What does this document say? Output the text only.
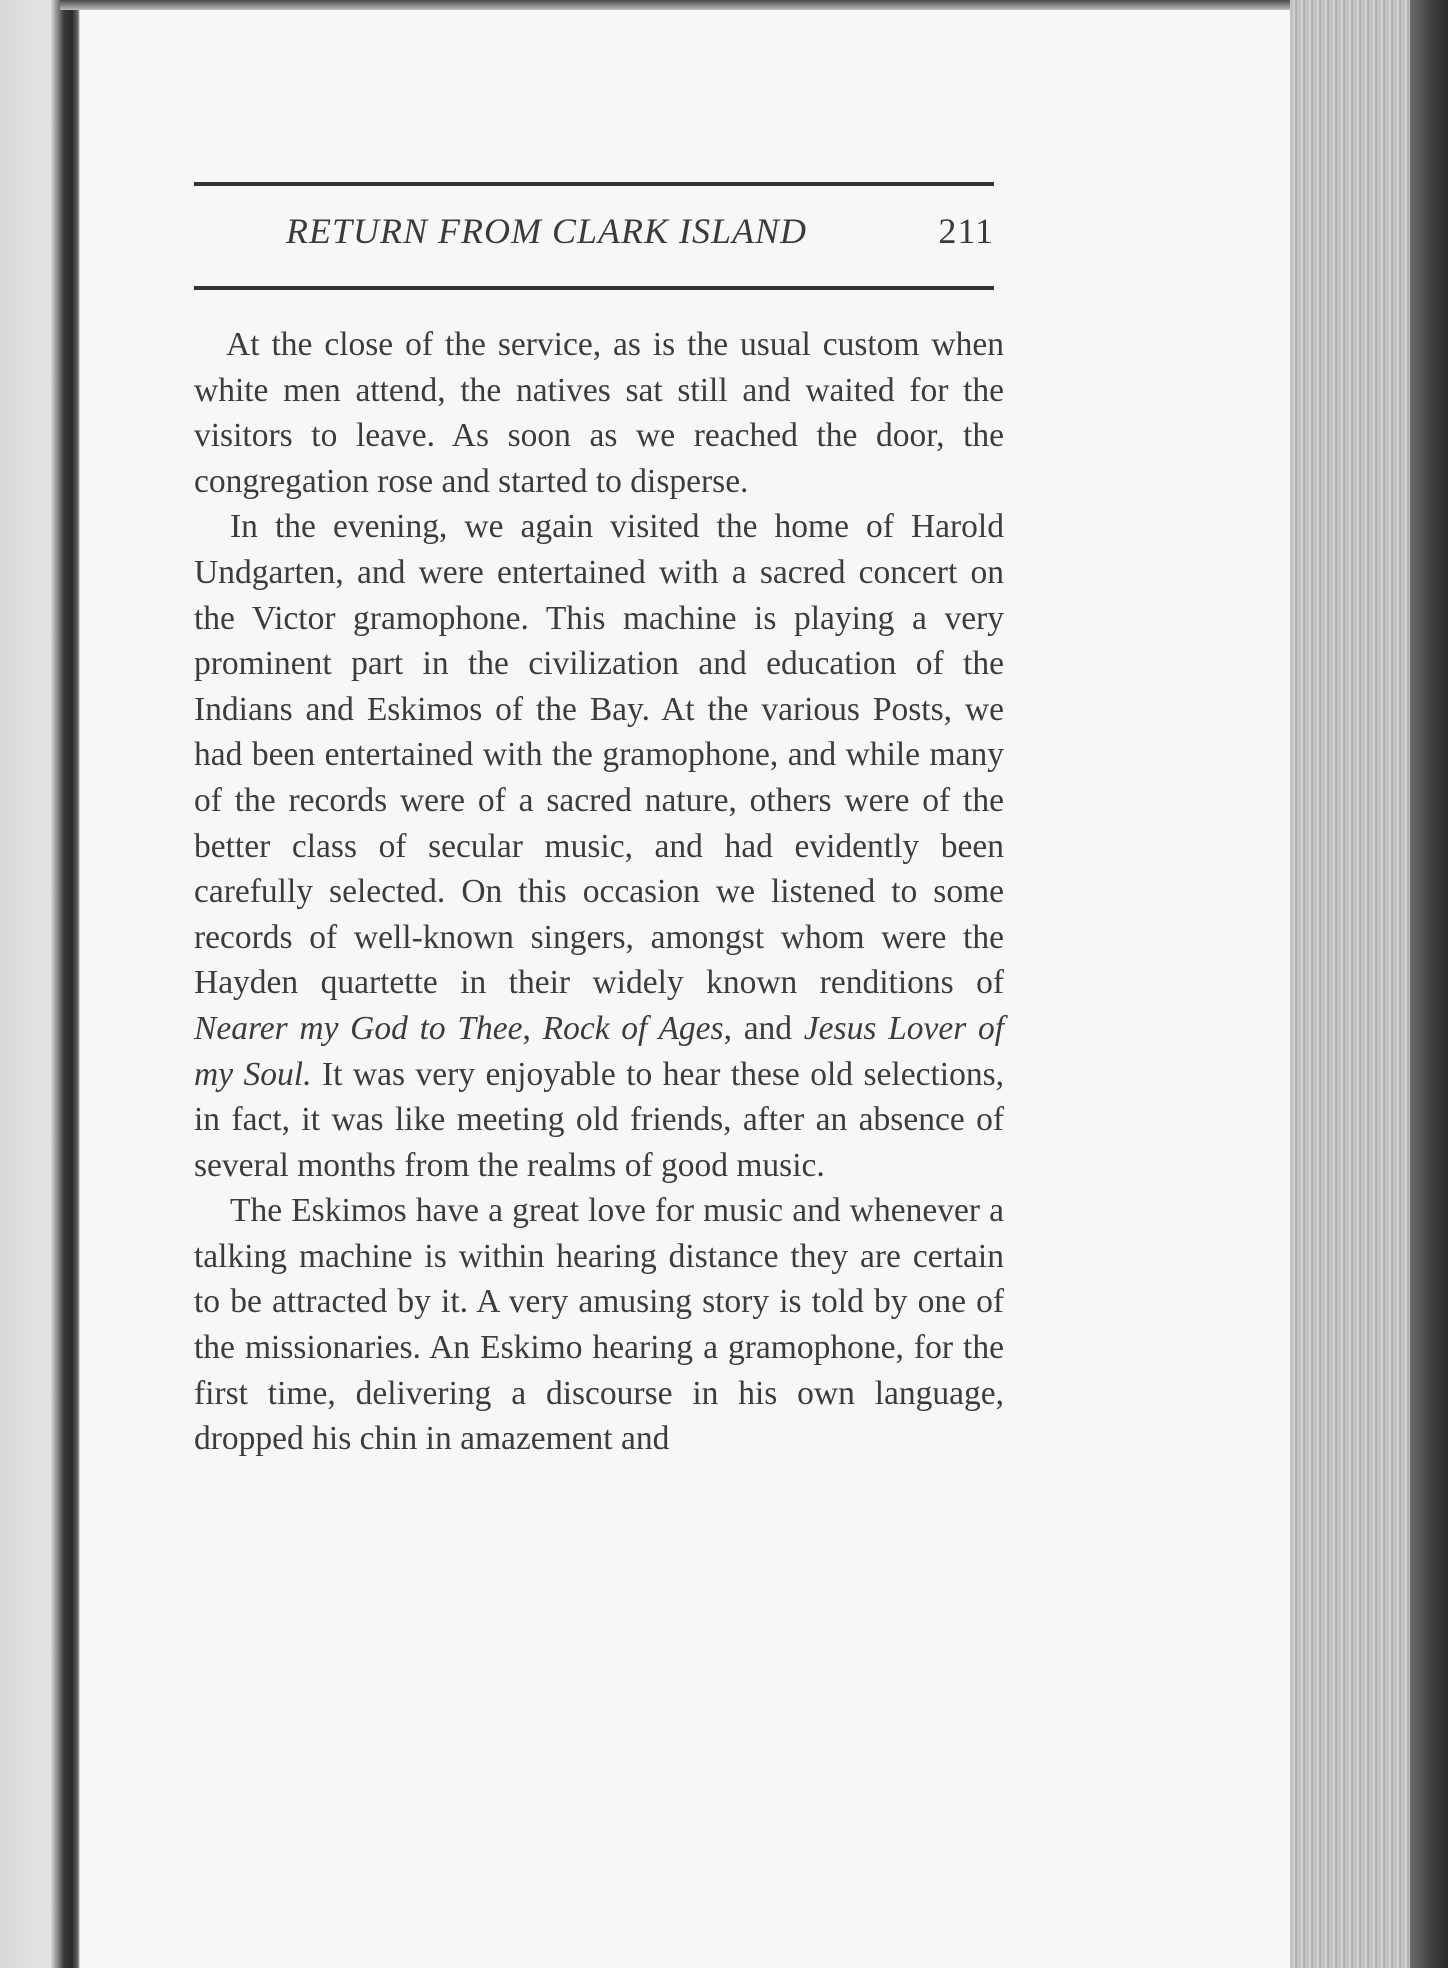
RETURN FROM CLARK ISLAND	211

At the close of the service, as is the usual custom when white men attend, the natives sat still and waited for the visitors to leave. As soon as we reached the door, the congregation rose and started to disperse.

In the evening, we again visited the home of Harold Undgarten, and were entertained with a sacred concert on the Victor gramophone. This machine is playing a very prominent part in the civilization and education of the Indians and Eskimos of the Bay. At the various Posts, we had been entertained with the gramophone, and while many of the records were of a sacred nature, others were of the better class of secular music, and had evidently been carefully selected. On this occasion we listened to some records of well-known singers, amongst whom were the Hayden quartette in their widely known renditions of Nearer my God to Thee, Rock of Ages, and Jesus Lover of my Soul. It was very enjoyable to hear these old selections, in fact, it was like meeting old friends, after an absence of several months from the realms of good music.

The Eskimos have a great love for music and whenever a talking machine is within hearing distance they are certain to be attracted by it. A very amusing story is told by one of the missionaries. An Eskimo hearing a gramophone, for the first time, delivering a discourse in his own language, dropped his chin in amazement and
